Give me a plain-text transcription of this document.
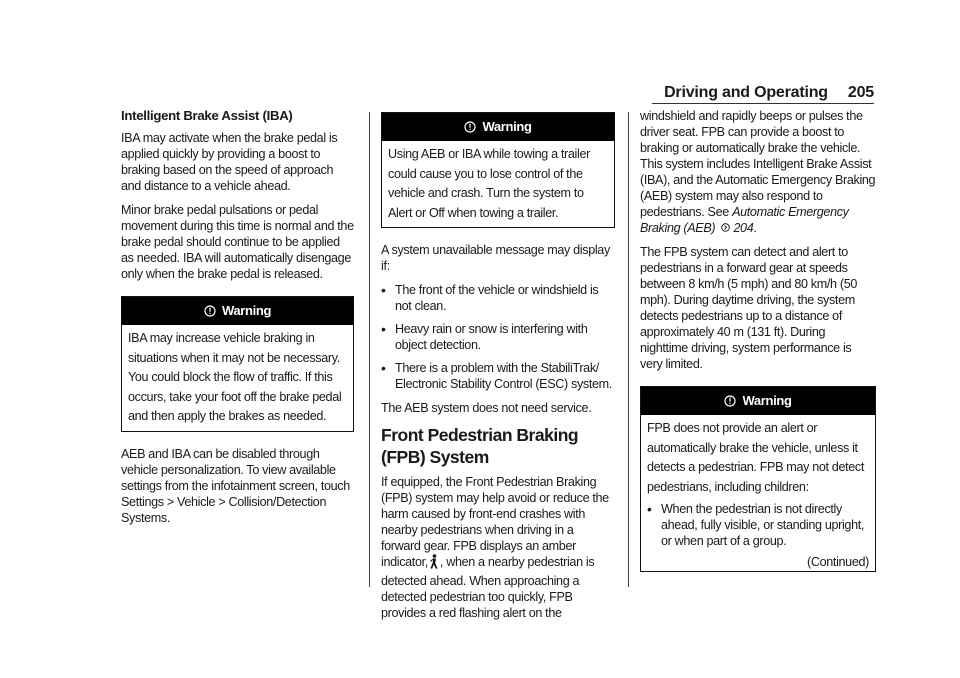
Driving and Operating 205
Intelligent Brake Assist (IBA)

IBA may activate when the brake pedal is applied quickly by providing a boost to braking based on the speed of approach and distance to a vehicle ahead.

Minor brake pedal pulsations or pedal movement during this time is normal and the brake pedal should continue to be applied as needed. IBA will automatically disengage only when the brake pedal is released.

Warning
IBA may increase vehicle braking in situations when it may not be necessary. You could block the flow of traffic. If this occurs, take your foot off the brake pedal and then apply the brakes as needed.

AEB and IBA can be disabled through vehicle personalization. To view available settings from the infotainment screen, touch Settings > Vehicle > Collision/Detection Systems.

Warning
Using AEB or IBA while towing a trailer could cause you to lose control of the vehicle and crash. Turn the system to Alert or Off when towing a trailer.

A system unavailable message may display if:

• The front of the vehicle or windshield is not clean.
• Heavy rain or snow is interfering with object detection.
• There is a problem with the StabiliTrak/ Electronic Stability Control (ESC) system.

The AEB system does not need service.

Front Pedestrian Braking (FPB) System

If equipped, the Front Pedestrian Braking (FPB) system may help avoid or reduce the harm caused by front-end crashes with nearby pedestrians when driving in a forward gear. FPB displays an amber indicator, , when a nearby pedestrian is detected ahead. When approaching a detected pedestrian too quickly, FPB provides a red flashing alert on the

windshield and rapidly beeps or pulses the driver seat. FPB can provide a boost to braking or automatically brake the vehicle. This system includes Intelligent Brake Assist (IBA), and the Automatic Emergency Braking (AEB) system may also respond to pedestrians. See Automatic Emergency Braking (AEB) 204.

The FPB system can detect and alert to pedestrians in a forward gear at speeds between 8 km/h (5 mph) and 80 km/h (50 mph). During daytime driving, the system detects pedestrians up to a distance of approximately 40 m (131 ft). During nighttime driving, system performance is very limited.

Warning
FPB does not provide an alert or automatically brake the vehicle, unless it detects a pedestrian. FPB may not detect pedestrians, including children:
• When the pedestrian is not directly ahead, fully visible, or standing upright, or when part of a group.
(Continued)
